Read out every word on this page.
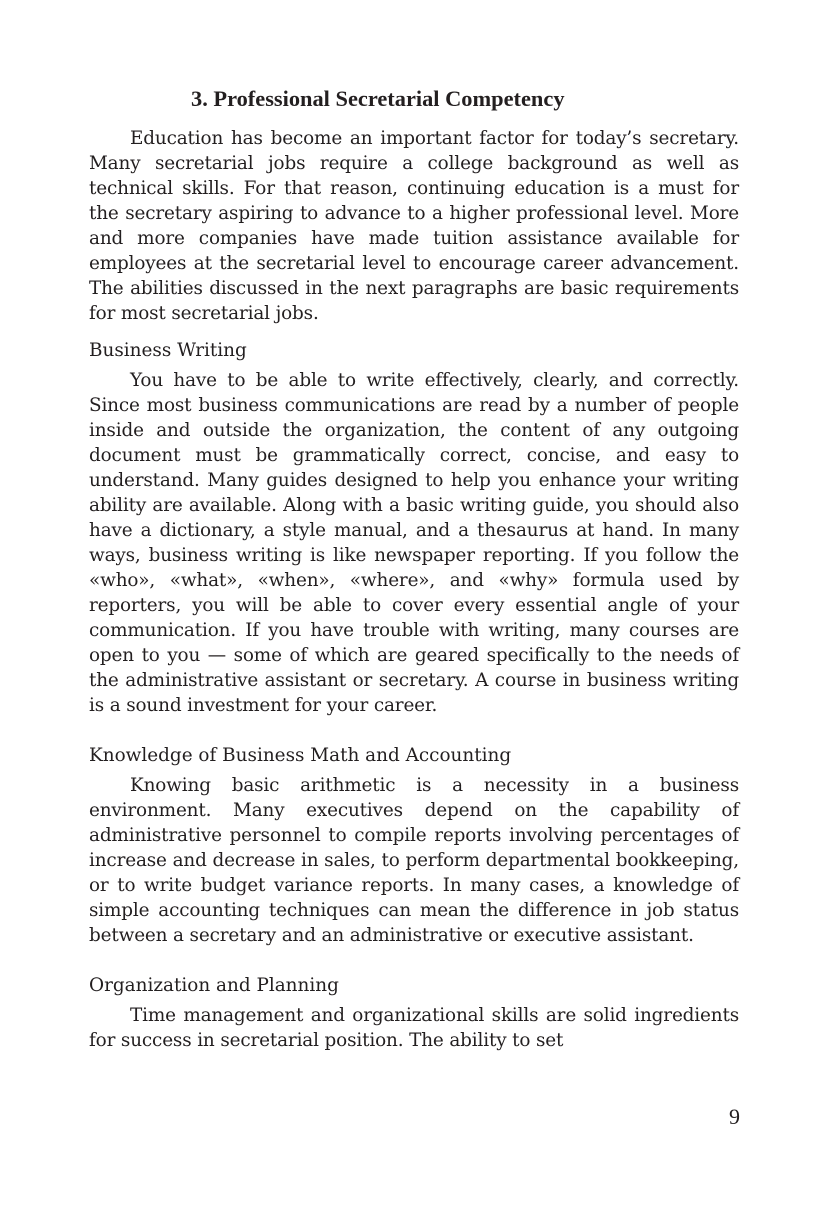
3. Professional Secretarial Competency

Education has become an important factor for today’s secretary. Many secretarial jobs require a college background as well as technical skills. For that reason, continuing education is a must for the secretary aspiring to advance to a higher professional level. More and more companies have made tuition assistance available for employees at the secretarial level to encourage career advancement. The abilities discussed in the next paragraphs are basic requirements for most secretarial jobs.

Business Writing

You have to be able to write effectively, clearly, and correctly. Since most business communications are read by a number of people inside and outside the organization, the content of any outgoing document must be grammatically correct, concise, and easy to understand. Many guides designed to help you enhance your writing ability are available. Along with a basic writing guide, you should also have a dictionary, a style manual, and a thesaurus at hand. In many ways, business writing is like newspaper reporting. If you follow the «who», «what», «when», «where», and «why» formula used by reporters, you will be able to cover every essential angle of your communication. If you have trouble with writing, many courses are open to you — some of which are geared specifically to the needs of the administrative assistant or secretary. A course in business writing is a sound investment for your career.

Knowledge of Business Math and Accounting

Knowing basic arithmetic is a necessity in a business environment. Many executives depend on the capability of administrative personnel to compile reports involving percentages of increase and decrease in sales, to perform departmental bookkeeping, or to write budget variance reports. In many cases, a knowledge of simple accounting techniques can mean the difference in job status between a secretary and an administrative or executive assistant.

Organization and Planning

Time management and organizational skills are solid ingredients for success in secretarial position. The ability to set

9
